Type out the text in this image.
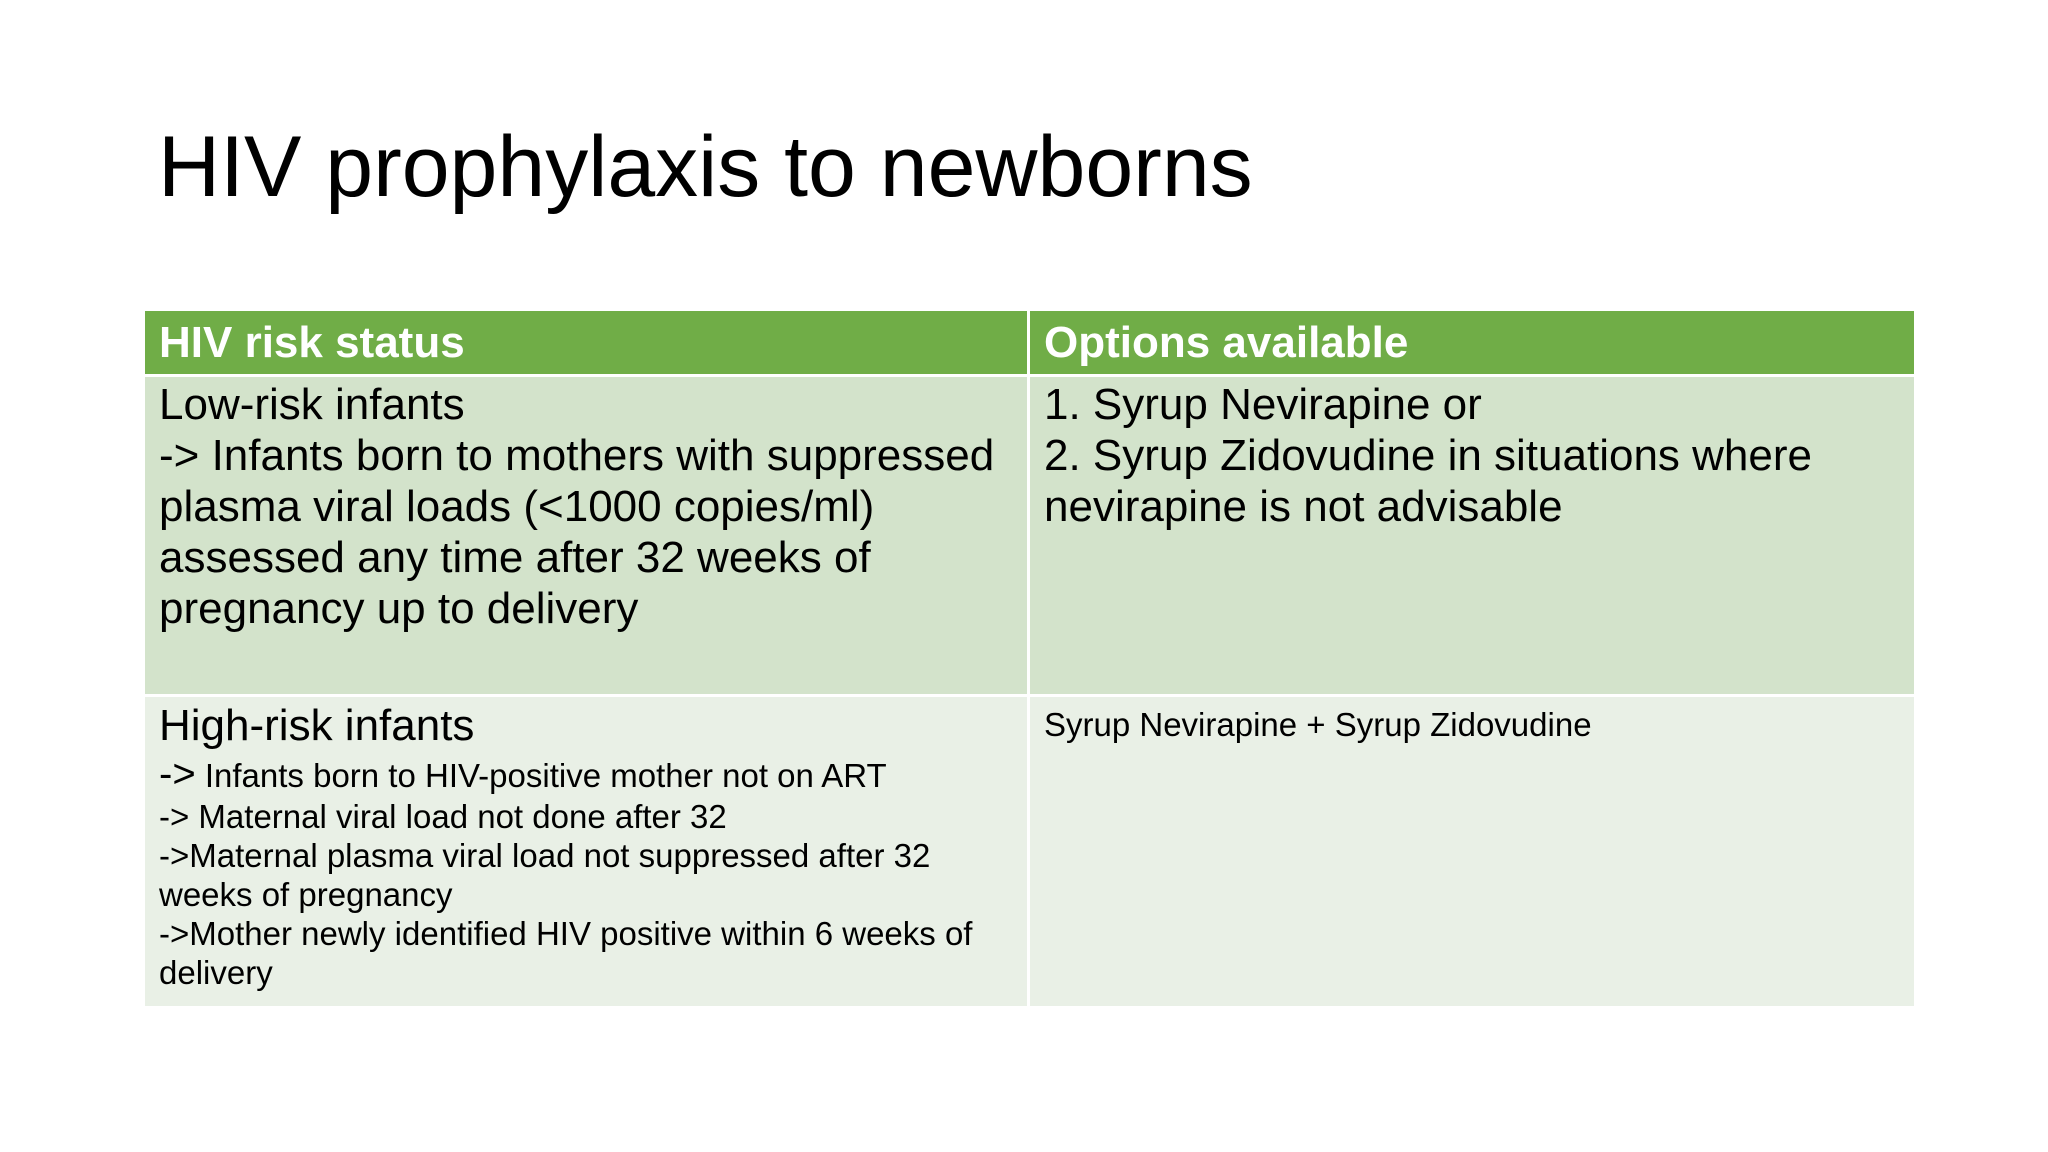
HIV prophylaxis to newborns
HIV risk status	Options available

Low-risk infants
-> Infants born to mothers with suppressed plasma viral loads (<1000 copies/ml) assessed any time after 32 weeks of pregnancy up to delivery	1. Syrup Nevirapine or
2. Syrup Zidovudine in situations where nevirapine is not advisable

High-risk infants
-> Infants born to HIV-positive mother not on ART
-> Maternal viral load not done after 32
->Maternal plasma viral load not suppressed after 32 weeks of pregnancy
->Mother newly identified HIV positive within 6 weeks of delivery	Syrup Nevirapine + Syrup Zidovudine
